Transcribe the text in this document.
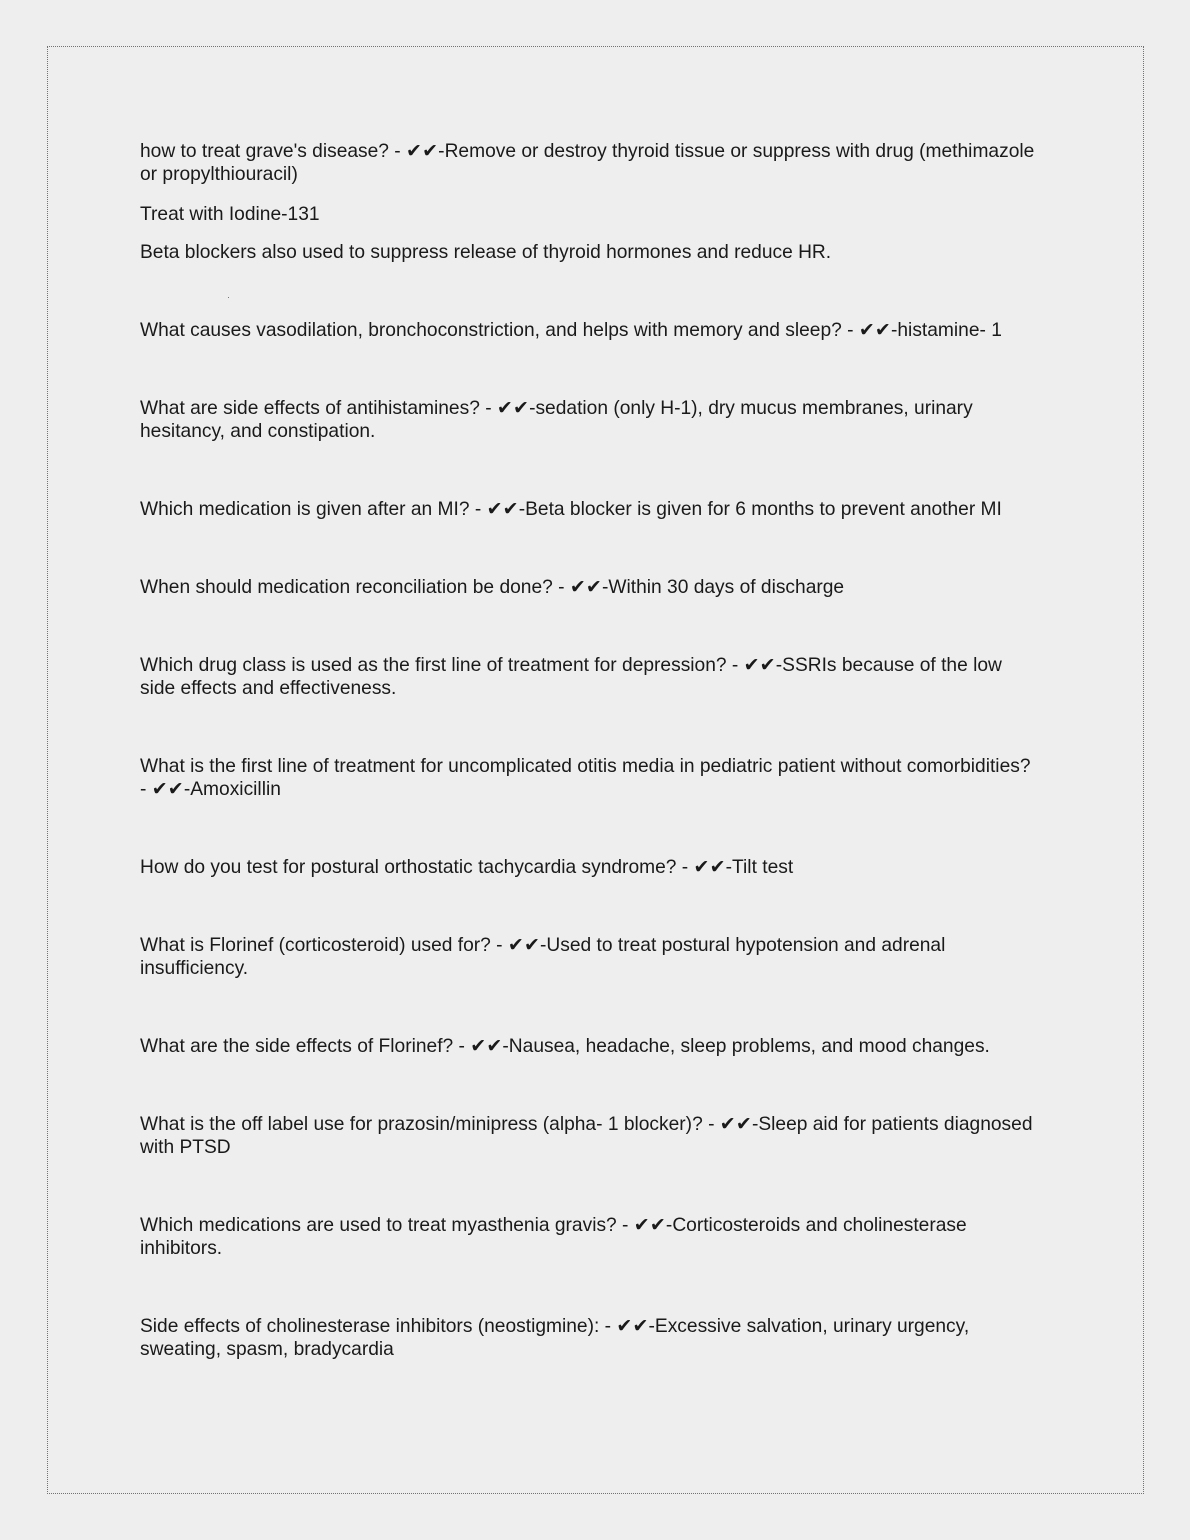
how to treat grave's disease? - ✔✔-Remove or destroy thyroid tissue or suppress with drug (methimazole or propylthiouracil)
Treat with Iodine-131
Beta blockers also used to suppress release of thyroid hormones and reduce HR.
What causes vasodilation, bronchoconstriction, and helps with memory and sleep? - ✔✔-histamine- 1
What are side effects of antihistamines? - ✔✔-sedation (only H-1), dry mucus membranes, urinary hesitancy, and constipation.
Which medication is given after an MI? - ✔✔-Beta blocker is given for 6 months to prevent another MI
When should medication reconciliation be done? - ✔✔-Within 30 days of discharge
Which drug class is used as the first line of treatment for depression? - ✔✔-SSRIs because of the low side effects and effectiveness.
What is the first line of treatment for uncomplicated otitis media in pediatric patient without comorbidities? - ✔✔-Amoxicillin
How do you test for postural orthostatic tachycardia syndrome? - ✔✔-Tilt test
What is Florinef (corticosteroid) used for? - ✔✔-Used to treat postural hypotension and adrenal insufficiency.
What are the side effects of Florinef? - ✔✔-Nausea, headache, sleep problems, and mood changes.
What is the off label use for prazosin/minipress (alpha- 1 blocker)? - ✔✔-Sleep aid for patients diagnosed with PTSD
Which medications are used to treat myasthenia gravis? - ✔✔-Corticosteroids and cholinesterase inhibitors.
Side effects of cholinesterase inhibitors (neostigmine): - ✔✔-Excessive salvation, urinary urgency, sweating, spasm, bradycardia
